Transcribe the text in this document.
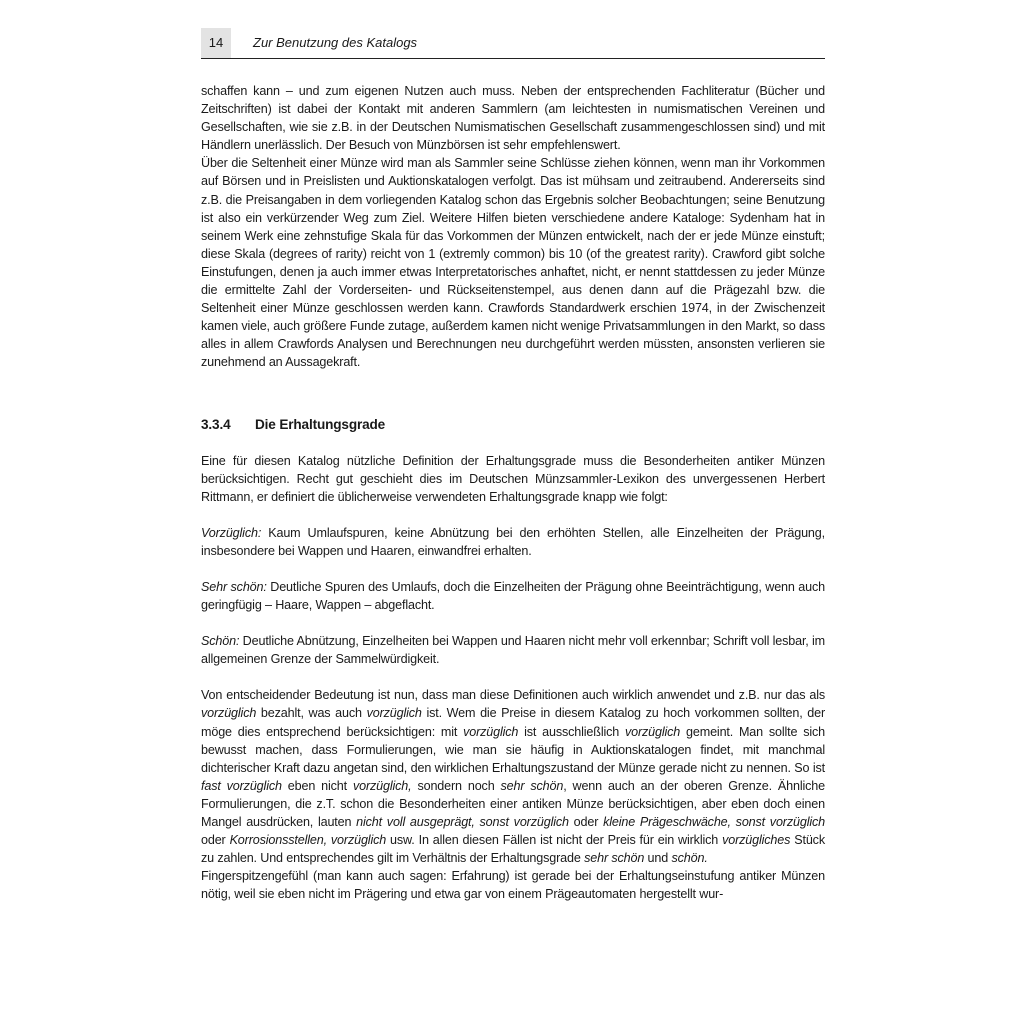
14	Zur Benutzung des Katalogs

schaffen kann – und zum eigenen Nutzen auch muss. Neben der entsprechenden Fachliteratur (Bücher und Zeitschriften) ist dabei der Kontakt mit anderen Sammlern (am leichtesten in numismatischen Vereinen und Gesellschaften, wie sie z.B. in der Deutschen Numismatischen Gesellschaft zusammengeschlossen sind) und mit Händlern unerlässlich. Der Besuch von Münzbörsen ist sehr empfehlenswert.

Über die Seltenheit einer Münze wird man als Sammler seine Schlüsse ziehen können, wenn man ihr Vorkommen auf Börsen und in Preislisten und Auktionskatalogen verfolgt. Das ist mühsam und zeitraubend. Andererseits sind z.B. die Preisangaben in dem vorliegenden Katalog schon das Ergebnis solcher Beobachtungen; seine Benutzung ist also ein verkürzender Weg zum Ziel. Weitere Hilfen bieten verschiedene andere Kataloge: Sydenham hat in seinem Werk eine zehnstufige Skala für das Vorkommen der Münzen entwickelt, nach der er jede Münze einstuft; diese Skala (degrees of rarity) reicht von 1 (extremly common) bis 10 (of the greatest rarity). Crawford gibt solche Einstufungen, denen ja auch immer etwas Interpretatorisches anhaftet, nicht, er nennt stattdessen zu jeder Münze die ermittelte Zahl der Vorderseiten- und Rückseitenstempel, aus denen dann auf die Prägezahl bzw. die Seltenheit einer Münze geschlossen werden kann. Crawfords Standardwerk erschien 1974, in der Zwischenzeit kamen viele, auch größere Funde zutage, außerdem kamen nicht wenige Privatsammlungen in den Markt, so dass alles in allem Crawfords Analysen und Berechnungen neu durchgeführt werden müssten, ansonsten verlieren sie zunehmend an Aussagekraft.

3.3.4 Die Erhaltungsgrade

Eine für diesen Katalog nützliche Definition der Erhaltungsgrade muss die Besonderheiten antiker Münzen berücksichtigen. Recht gut geschieht dies im Deutschen Münzsammler-Lexikon des unvergessenen Herbert Rittmann, er definiert die üblicherweise verwendeten Erhaltungsgrade knapp wie folgt:

Vorzüglich: Kaum Umlaufspuren, keine Abnützung bei den erhöhten Stellen, alle Einzelheiten der Prägung, insbesondere bei Wappen und Haaren, einwandfrei erhalten.

Sehr schön: Deutliche Spuren des Umlaufs, doch die Einzelheiten der Prägung ohne Beeinträchtigung, wenn auch geringfügig – Haare, Wappen – abgeflacht.

Schön: Deutliche Abnützung, Einzelheiten bei Wappen und Haaren nicht mehr voll erkennbar; Schrift voll lesbar, im allgemeinen Grenze der Sammelwürdigkeit.

Von entscheidender Bedeutung ist nun, dass man diese Definitionen auch wirklich anwendet und z.B. nur das als vorzüglich bezahlt, was auch vorzüglich ist. Wem die Preise in diesem Katalog zu hoch vorkommen sollten, der möge dies entsprechend berücksichtigen: mit vorzüglich ist ausschließlich vorzüglich gemeint. Man sollte sich bewusst machen, dass Formulierungen, wie man sie häufig in Auktionskatalogen findet, mit manchmal dichterischer Kraft dazu angetan sind, den wirklichen Erhaltungszustand der Münze gerade nicht zu nennen. So ist fast vorzüglich eben nicht vorzüglich, sondern noch sehr schön, wenn auch an der oberen Grenze. Ähnliche Formulierungen, die z.T. schon die Besonderheiten einer antiken Münze berücksichtigen, aber eben doch einen Mangel ausdrücken, lauten nicht voll ausgeprägt, sonst vorzüglich oder kleine Prägeschwäche, sonst vorzüglich oder Korrosionsstellen, vorzüglich usw. In allen diesen Fällen ist nicht der Preis für ein wirklich vorzügliches Stück zu zahlen. Und entsprechendes gilt im Verhältnis der Erhaltungsgrade sehr schön und schön.

Fingerspitzengefühl (man kann auch sagen: Erfahrung) ist gerade bei der Erhaltungseinstufung antiker Münzen nötig, weil sie eben nicht im Prägering und etwa gar von einem Prägeautomaten hergestellt wur-
